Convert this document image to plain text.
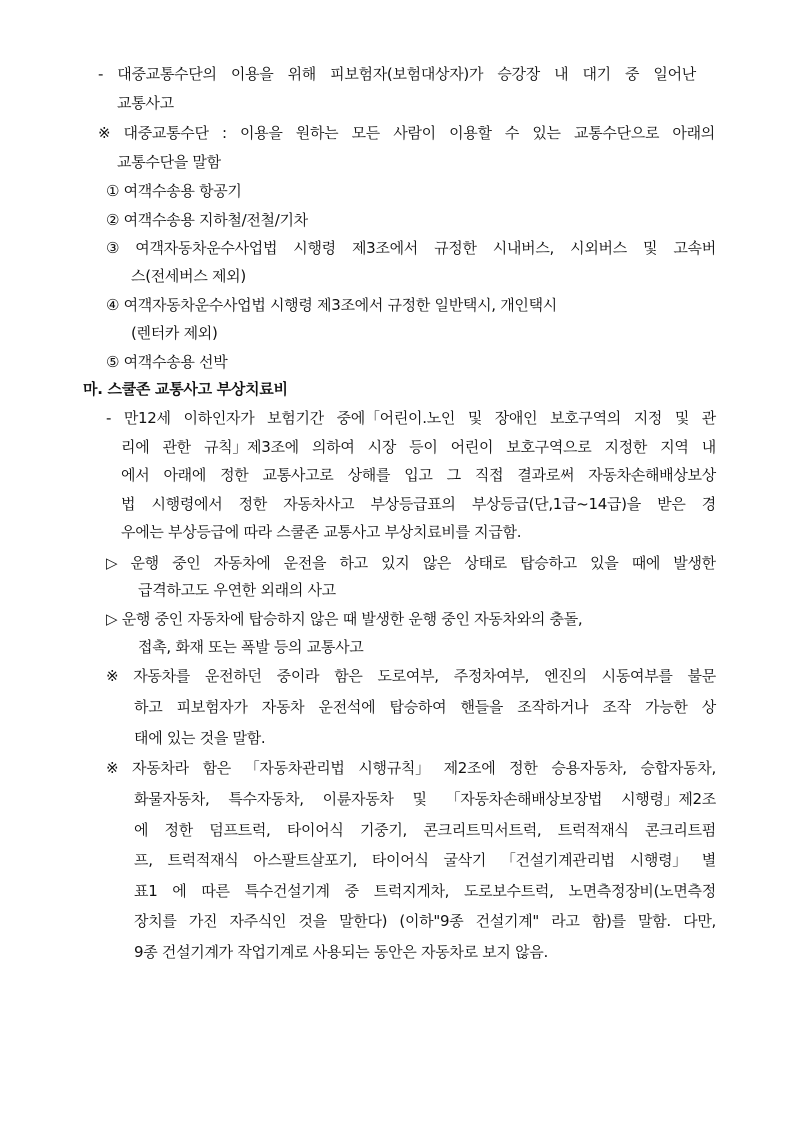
- 대중교통수단의 이용을 위해 피보험자(보험대상자)가 승강장 내 대기 중 일어난
교통사고
※ 대중교통수단 : 이용을 원하는 모든 사람이 이용할 수 있는 교통수단으로 아래의
교통수단을 말함
① 여객수송용 항공기
② 여객수송용 지하철/전철/기차
③ 여객자동차운수사업법 시행령 제3조에서 규정한 시내버스, 시외버스 및 고속버
스(전세버스 제외)
④ 여객자동차운수사업법 시행령 제3조에서 규정한 일반택시, 개인택시
(렌터카 제외)
⑤ 여객수송용 선박
마. 스쿨존 교통사고 부상치료비
- 만12세 이하인자가 보험기간 중에「어린이.노인 및 장애인 보호구역의 지정 및 관
리에 관한 규칙」제3조에 의하여 시장 등이 어린이 보호구역으로 지정한 지역 내
에서 아래에 정한 교통사고로 상해를 입고 그 직접 결과로써 자동차손해배상보상
법 시행령에서 정한 자동차사고 부상등급표의 부상등급(단,1급~14급)을 받은 경
우에는 부상등급에 따라 스쿨존 교통사고 부상치료비를 지급함.
▷ 운행 중인 자동차에 운전을 하고 있지 않은 상태로 탑승하고 있을 때에 발생한
급격하고도 우연한 외래의 사고
▷ 운행 중인 자동차에 탑승하지 않은 때 발생한 운행 중인 자동차와의 충돌,
접촉, 화재 또는 폭발 등의 교통사고
※ 자동차를 운전하던 중이라 함은 도로여부, 주정차여부, 엔진의 시동여부를 불문
하고 피보험자가 자동차 운전석에 탑승하여 핸들을 조작하거나 조작 가능한 상
태에 있는 것을 말함.
※ 자동차라 함은 「자동차관리법 시행규칙」 제2조에 정한 승용자동차, 승합자동차,
화물자동차, 특수자동차, 이륜자동차 및 「자동차손해배상보장법 시행령」제2조
에 정한 덤프트럭, 타이어식 기중기, 콘크리트믹서트럭, 트럭적재식 콘크리트펌
프, 트럭적재식 아스팔트살포기, 타이어식 굴삭기 「건설기계관리법 시행령」 별
표1 에 따른 특수건설기계 중 트럭지게차, 도로보수트럭, 노면측정장비(노면측정
장치를 가진 자주식인 것을 말한다) (이하"9종 건설기계" 라고 함)를 말함. 다만,
9종 건설기계가 작업기계로 사용되는 동안은 자동차로 보지 않음.
